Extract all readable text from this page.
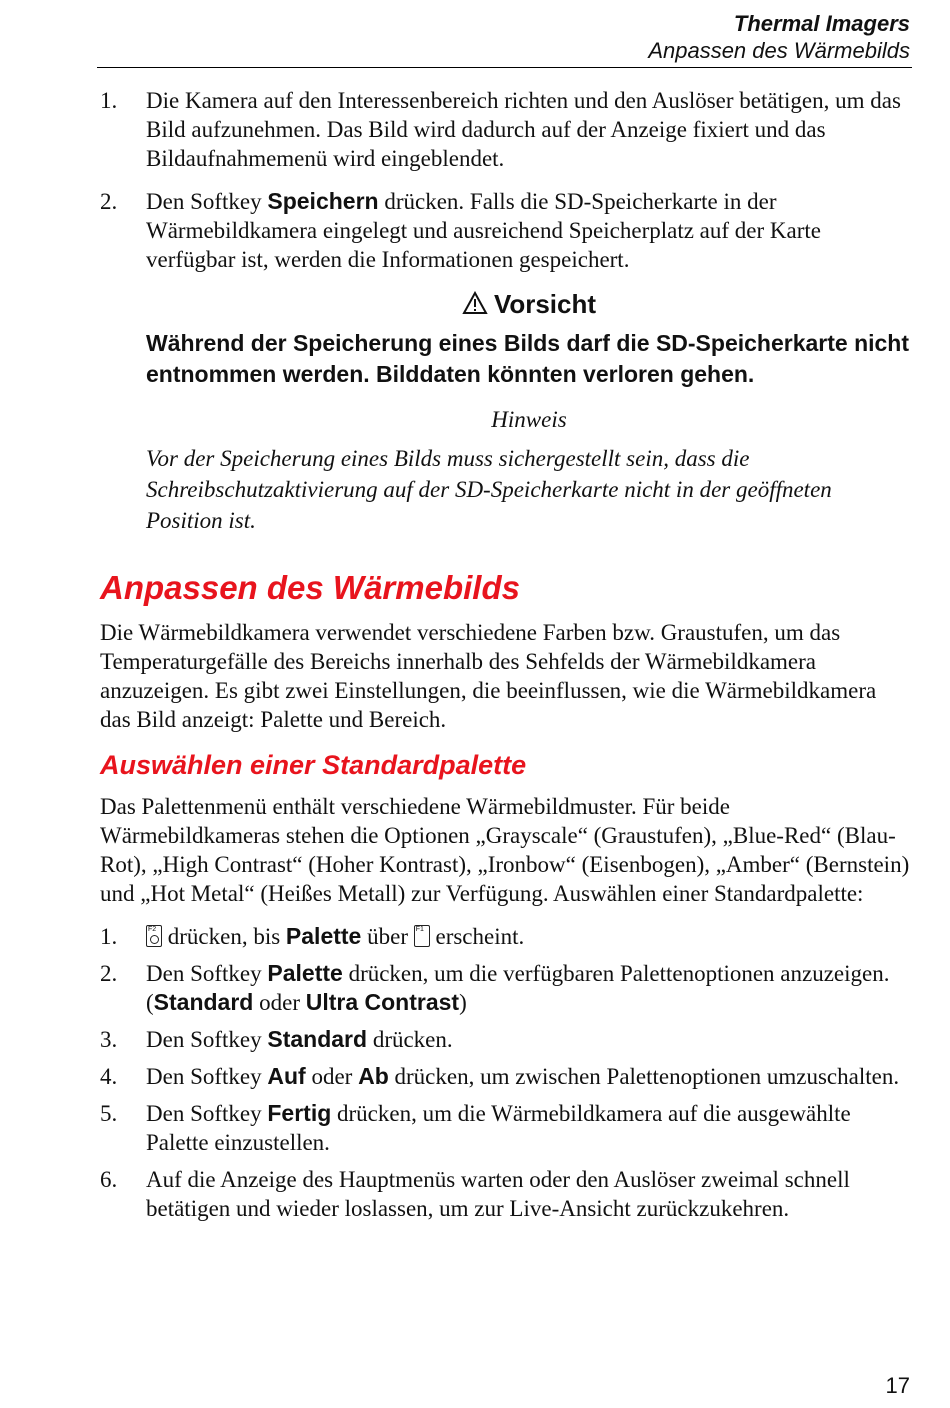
Thermal Imagers
Anpassen des Wärmebilds
1. Die Kamera auf den Interessenbereich richten und den Auslöser betätigen, um das Bild aufzunehmen. Das Bild wird dadurch auf der Anzeige fixiert und das Bildaufnahmemenü wird eingeblendet.
2. Den Softkey Speichern drücken. Falls die SD-Speicherkarte in der Wärmebildkamera eingelegt und ausreichend Speicherplatz auf der Karte verfügbar ist, werden die Informationen gespeichert.
Vorsicht
Während der Speicherung eines Bilds darf die SD-Speicherkarte nicht entnommen werden. Bilddaten könnten verloren gehen.
Hinweis
Vor der Speicherung eines Bilds muss sichergestellt sein, dass die Schreibschutzaktivierung auf der SD-Speicherkarte nicht in der geöffneten Position ist.
Anpassen des Wärmebilds

Die Wärmebildkamera verwendet verschiedene Farben bzw. Graustufen, um das Temperaturgefälle des Bereichs innerhalb des Sehfelds der Wärmebildkamera anzuzeigen. Es gibt zwei Einstellungen, die beeinflussen, wie die Wärmebildkamera das Bild anzeigt: Palette und Bereich.

Auswählen einer Standardpalette

Das Palettenmenü enthält verschiedene Wärmebildmuster. Für beide Wärmebildkameras stehen die Optionen „Grayscale“ (Graustufen), „Blue-Red“ (Blau-Rot), „High Contrast“ (Hoher Kontrast), „Ironbow“ (Eisenbogen), „Amber“ (Bernstein) und „Hot Metal“ (Heißes Metall) zur Verfügung. Auswählen einer Standardpalette:

1.	F2 drücken, bis Palette über F1 erscheint.
2. Den Softkey Palette drücken, um die verfügbaren Palettenoptionen anzuzeigen. (Standard oder Ultra Contrast)
3. Den Softkey Standard drücken.
4. Den Softkey Auf oder Ab drücken, um zwischen Palettenoptionen umzuschalten.
5. Den Softkey Fertig drücken, um die Wärmebildkamera auf die ausgewählte Palette einzustellen.
6. Auf die Anzeige des Hauptmenüs warten oder den Auslöser zweimal schnell betätigen und wieder loslassen, um zur Live-Ansicht zurückzukehren.
17
